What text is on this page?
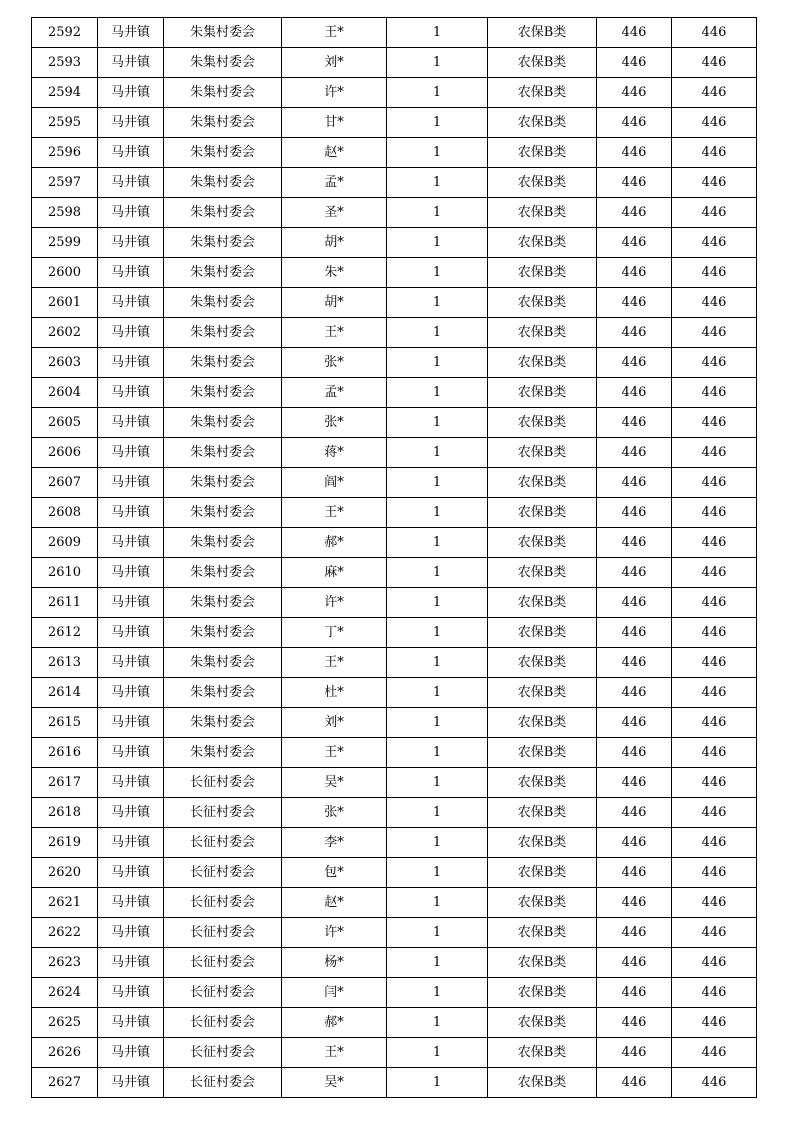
2592	马井镇	朱集村委会	王*	1	农保B类	446	446
2593	马井镇	朱集村委会	刘*	1	农保B类	446	446
2594	马井镇	朱集村委会	许*	1	农保B类	446	446
2595	马井镇	朱集村委会	甘*	1	农保B类	446	446
2596	马井镇	朱集村委会	赵*	1	农保B类	446	446
2597	马井镇	朱集村委会	孟*	1	农保B类	446	446
2598	马井镇	朱集村委会	圣*	1	农保B类	446	446
2599	马井镇	朱集村委会	胡*	1	农保B类	446	446
2600	马井镇	朱集村委会	朱*	1	农保B类	446	446
2601	马井镇	朱集村委会	胡*	1	农保B类	446	446
2602	马井镇	朱集村委会	王*	1	农保B类	446	446
2603	马井镇	朱集村委会	张*	1	农保B类	446	446
2604	马井镇	朱集村委会	孟*	1	农保B类	446	446
2605	马井镇	朱集村委会	张*	1	农保B类	446	446
2606	马井镇	朱集村委会	蒋*	1	农保B类	446	446
2607	马井镇	朱集村委会	阎*	1	农保B类	446	446
2608	马井镇	朱集村委会	王*	1	农保B类	446	446
2609	马井镇	朱集村委会	郝*	1	农保B类	446	446
2610	马井镇	朱集村委会	麻*	1	农保B类	446	446
2611	马井镇	朱集村委会	许*	1	农保B类	446	446
2612	马井镇	朱集村委会	丁*	1	农保B类	446	446
2613	马井镇	朱集村委会	王*	1	农保B类	446	446
2614	马井镇	朱集村委会	杜*	1	农保B类	446	446
2615	马井镇	朱集村委会	刘*	1	农保B类	446	446
2616	马井镇	朱集村委会	王*	1	农保B类	446	446
2617	马井镇	长征村委会	吴*	1	农保B类	446	446
2618	马井镇	长征村委会	张*	1	农保B类	446	446
2619	马井镇	长征村委会	李*	1	农保B类	446	446
2620	马井镇	长征村委会	包*	1	农保B类	446	446
2621	马井镇	长征村委会	赵*	1	农保B类	446	446
2622	马井镇	长征村委会	许*	1	农保B类	446	446
2623	马井镇	长征村委会	杨*	1	农保B类	446	446
2624	马井镇	长征村委会	闫*	1	农保B类	446	446
2625	马井镇	长征村委会	郝*	1	农保B类	446	446
2626	马井镇	长征村委会	王*	1	农保B类	446	446
2627	马井镇	长征村委会	吴*	1	农保B类	446	446
